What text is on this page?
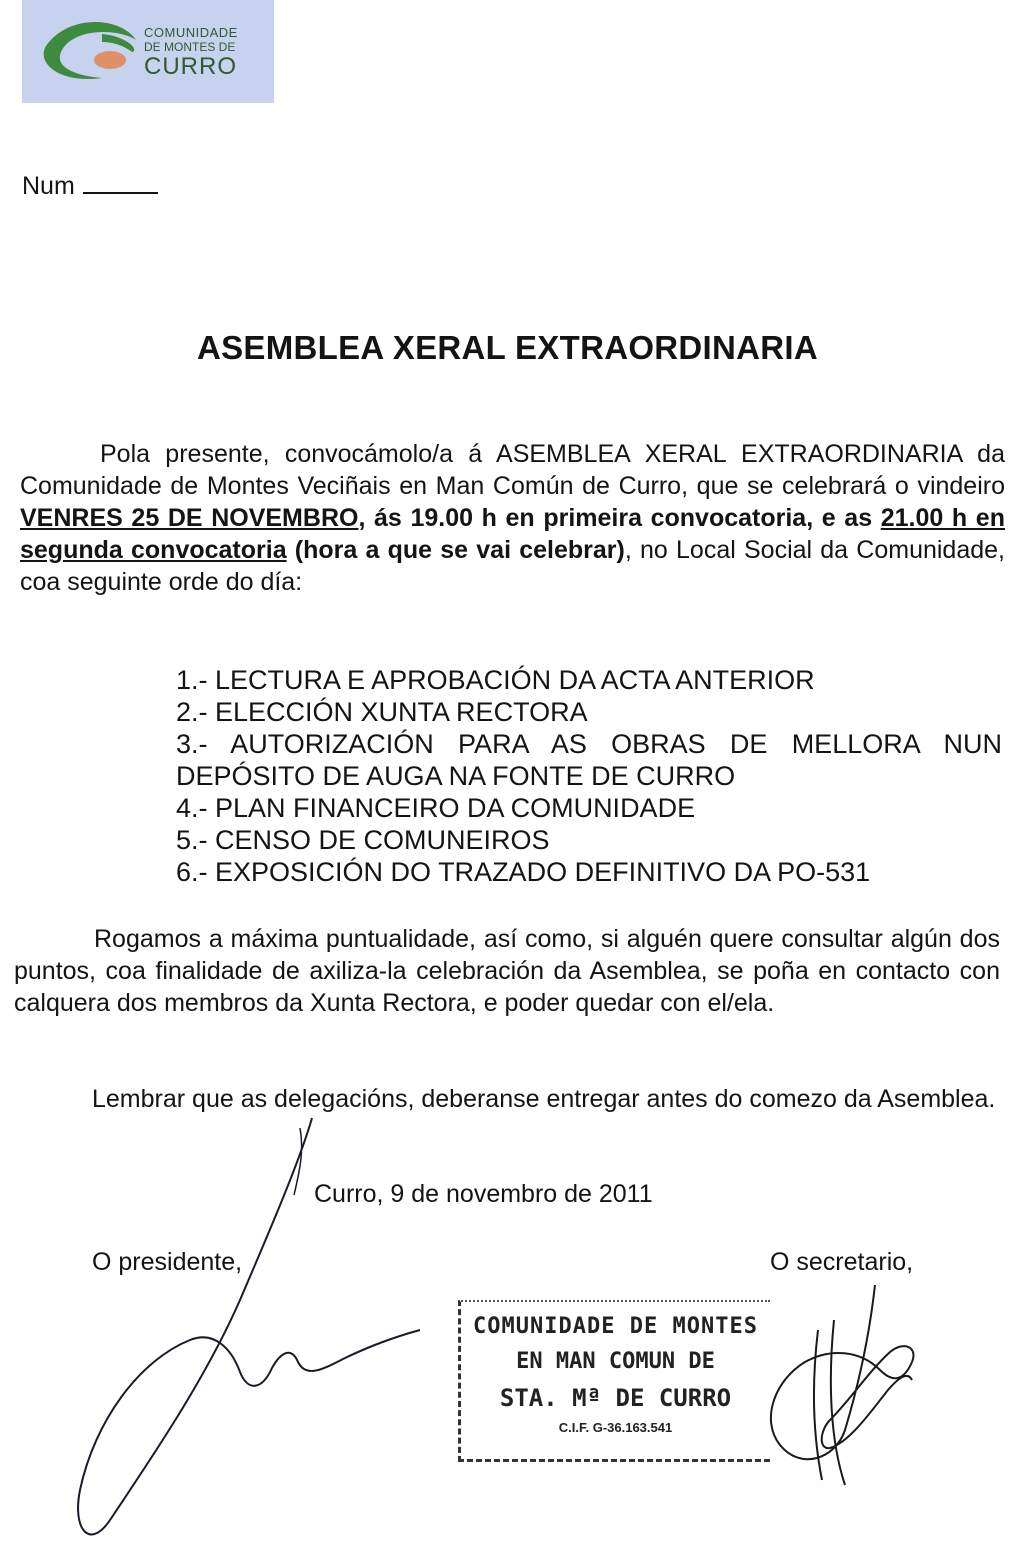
COMUNIDADE
DE MONTES DE
CURRO
Num
ASEMBLEA XERAL EXTRAORDINARIA
Pola presente, convocámolo/a á ASEMBLEA XERAL EXTRAORDINARIA da Comunidade de Montes Veciñais en Man Común de Curro, que se celebrará o vindeiro VENRES 25 DE NOVEMBRO, ás 19.00 h en primeira convocatoria, e as 21.00 h en segunda convocatoria (hora a que se vai celebrar), no Local Social da Comunidade, coa seguinte orde do día:
1.- LECTURA E APROBACIÓN DA ACTA ANTERIOR
2.- ELECCIÓN XUNTA RECTORA
3.- AUTORIZACIÓN PARA AS OBRAS DE MELLORA NUN DEPÓSITO DE AUGA NA FONTE DE CURRO
4.- PLAN FINANCEIRO DA COMUNIDADE
5.- CENSO DE COMUNEIROS
6.- EXPOSICIÓN DO TRAZADO DEFINITIVO DA PO-531
Rogamos a máxima puntualidade, así como, si alguén quere consultar algún dos puntos, coa finalidade de axiliza-la celebración da Asemblea, se poña en contacto con calquera dos membros da Xunta Rectora, e poder quedar con el/ela.
Lembrar que as delegacións, deberanse entregar antes do comezo da Asemblea.
Curro, 9 de novembro de 2011
O presidente,	O secretario,
COMUNIDADE DE MONTES
EN MAN COMUN DE
STA. Mª DE CURRO
C.I.F. G-36.163.541
